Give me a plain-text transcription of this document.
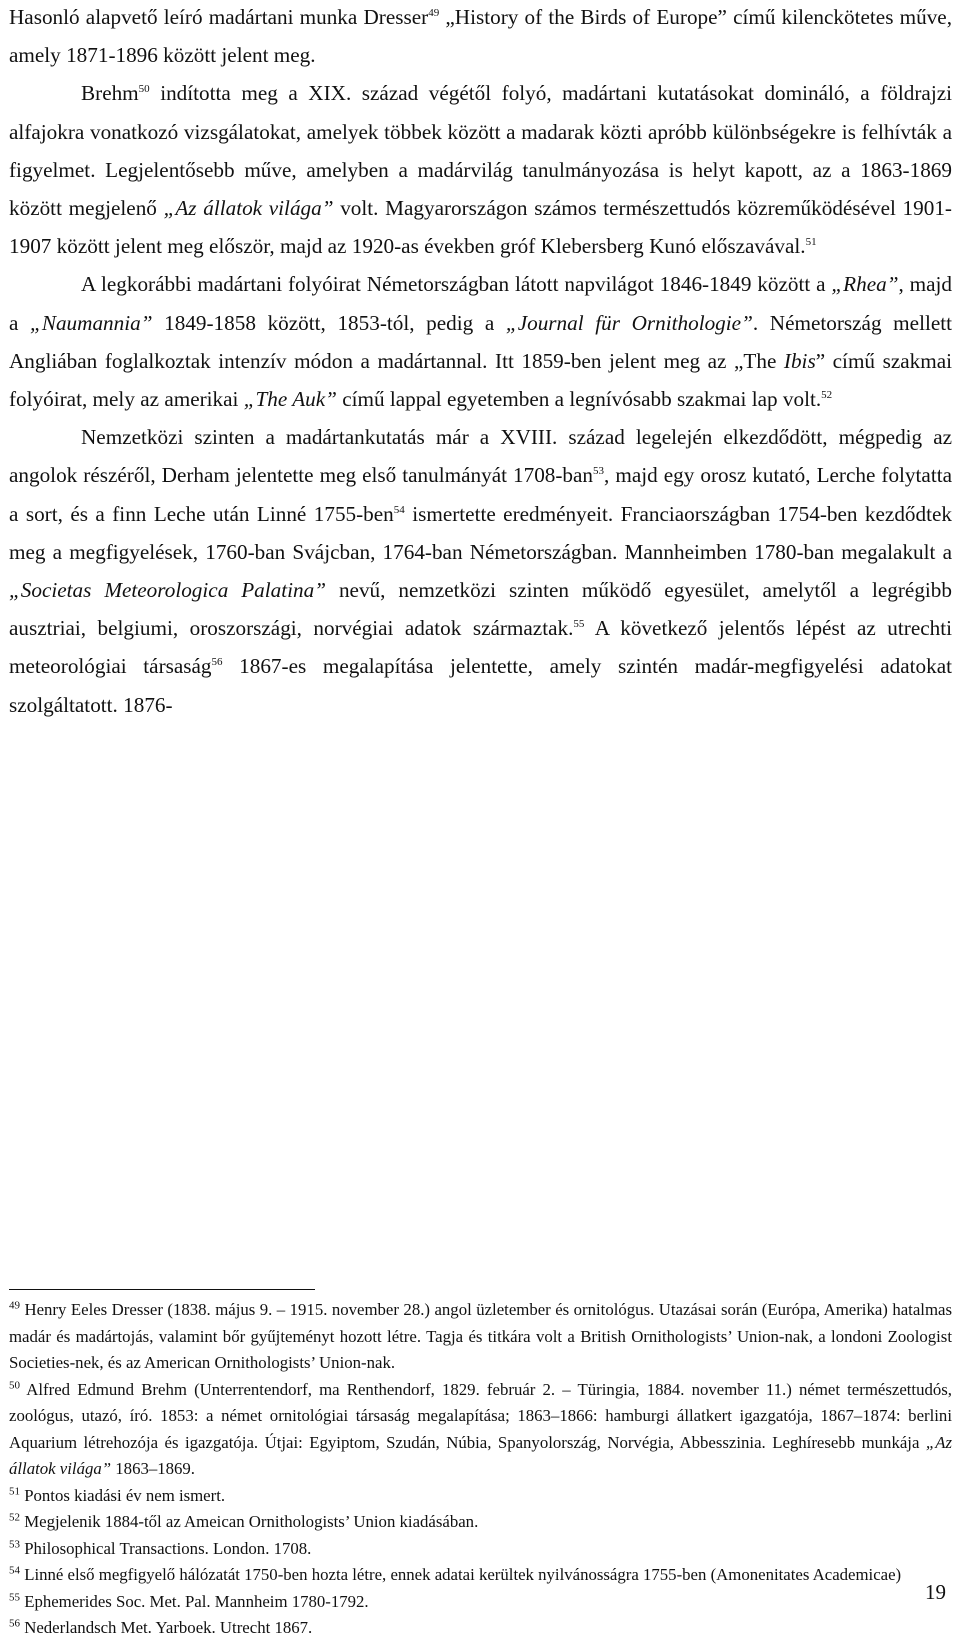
Hasonló alapvető leíró madártani munka Dresser$^{49}$ „History of the Birds of Europe” című kilenckötetes műve, amely 1871-1896 között jelent meg.

Brehm$^{50}$ indította meg a XIX. század végétől folyó, madártani kutatásokat domináló, a földrajzi alfajokra vonatkozó vizsgálatokat, amelyek többek között a madarak közti apróbb különbségekre is felhívták a figyelmet. Legjelentősebb műve, amelyben a madárvilág tanulmányozása is helyt kapott, az a 1863-1869 között megjelenő „Az állatok világa” volt. Magyarországon számos természettudós közreműködésével 1901-1907 között jelent meg először, majd az 1920-as években gróf Klebersberg Kunó előszavával.$^{51}$

A legkorábbi madártani folyóirat Németországban látott napvilágot 1846-1849 között a „Rhea”, majd a „Naumannia” 1849-1858 között, 1853-tól, pedig a „Journal für Ornithologie”. Németország mellett Angliában foglalkoztak intenzív módon a madártannal. Itt 1859-ben jelent meg az „The Ibis” című szakmai folyóirat, mely az amerikai „The Auk” című lappal egyetemben a legnívósabb szakmai lap volt.$^{52}$

Nemzetközi szinten a madártankutatás már a XVIII. század legelején elkezdődött, mégpedig az angolok részéről, Derham jelentette meg első tanulmányát 1708-ban$^{53}$, majd egy orosz kutató, Lerche folytatta a sort, és a finn Leche után Linné 1755-ben$^{54}$ ismertette eredményeit. Franciaországban 1754-ben kezdődtek meg a megfigyelések, 1760-ban Svájcban, 1764-ban Németországban. Mannheimben 1780-ban megalakult a „Societas Meteorologica Palatina” nevű, nemzetközi szinten működő egyesület, amelytől a legrégibb ausztriai, belgiumi, oroszországi, norvégiai adatok származtak.$^{55}$ A következő jelentős lépést az utrechti meteorológiai társaság$^{56}$ 1867-es megalapítása jelentette, amely szintén madár-megfigyelési adatokat szolgáltatott. 1876-

$^{49}$ Henry Eeles Dresser (1838. május 9. – 1915. november 28.) angol üzletember és ornitológus. Utazásai során (Európa, Amerika) hatalmas madár és madártojás, valamint bőr gyűjteményt hozott létre. Tagja és titkára volt a British Ornithologists’ Union-nak, a londoni Zoologist Societies-nek, és az American Ornithologists’ Union-nak.

$^{50}$ Alfred Edmund Brehm (Unterrentendorf, ma Renthendorf, 1829. február 2. – Türingia, 1884. november 11.) német természettudós, zoológus, utazó, író. 1853: a német ornitológiai társaság megalapítása; 1863–1866: hamburgi állatkert igazgatója, 1867–1874: berlini Aquarium létrehozója és igazgatója. Útjai: Egyiptom, Szudán, Núbia, Spanyolország, Norvégia, Abbesszinia. Leghíresebb munkája „Az állatok világa” 1863–1869.

$^{51}$ Pontos kiadási év nem ismert.

$^{52}$ Megjelenik 1884-től az Ameican Ornithologists’ Union kiadásában.

$^{53}$ Philosophical Transactions. London. 1708.

$^{54}$ Linné első megfigyelő hálózatát 1750-ben hozta létre, ennek adatai kerültek nyilvánosságra 1755-ben (Amonenitates Academicae)

$^{55}$ Ephemerides Soc. Met. Pal. Mannheim 1780-1792.

$^{56}$ Nederlandsch Met. Yarboek. Utrecht 1867.

19
